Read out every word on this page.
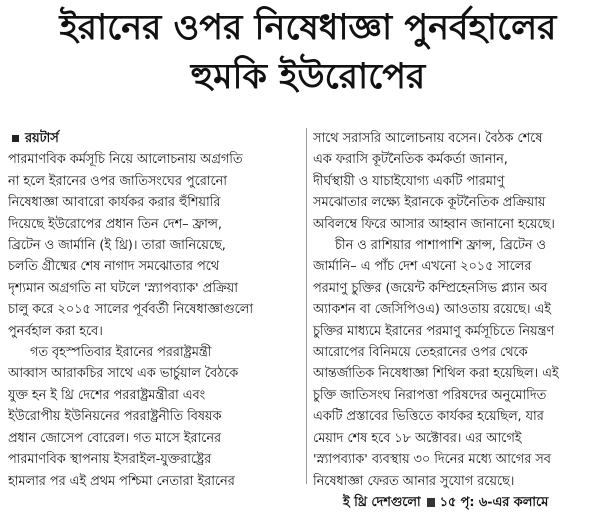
ইরানের ওপর নিষেধাজ্ঞা পুনর্বহালের
হুমকি ইউরোপের
রয়টার্স
পারমাণবিক কর্মসূচি নিয়ে আলোচনায় অগ্রগতি
না হলে ইরানের ওপর জাতিসংঘের পুরোনো
নিষেধাজ্ঞা আবারো কার্যকর করার হুঁশিয়ারি
দিয়েছে ইউরোপের প্রধান তিন দেশ– ফ্রান্স,
ব্রিটেন ও জার্মানি (ই থ্রি)। তারা জানিয়েছে,
চলতি গ্রীষ্মের শেষ নাগাদ সমঝোতার পথে
দৃশ্যমান অগ্রগতি না ঘটলে 'স্ন্যাপব্যাক' প্রক্রিয়া
চালু করে ২০১৫ সালের পূর্ববর্তী নিষেধাজ্ঞাগুলো
পুনর্বহাল করা হবে।
গত বৃহস্পতিবার ইরানের পররাষ্ট্রমন্ত্রী
আব্বাস আরাকচির সাথে এক ভার্চুয়াল বৈঠকে
যুক্ত হন ই থ্রি দেশের পররাষ্ট্রমন্ত্রীরা এবং
ইউরোপীয় ইউনিয়নের পররাষ্ট্রনীতি বিষয়ক
প্রধান জোসেপ বোরেল। গত মাসে ইরানের
পারমাণবিক স্থাপনায় ইসরাইল-যুক্তরাষ্ট্রের
হামলার পর এই প্রথম পশ্চিমা নেতারা ইরানের
সাথে সরাসরি আলোচনায় বসেন। বৈঠক শেষে
এক ফরাসি কূটনৈতিক কর্মকর্তা জানান,
দীর্ঘস্থায়ী ও যাচাইযোগ্য একটি পারমাণু
সমঝোতার লক্ষ্যে ইরানকে কূটনৈতিক প্রক্রিয়ায়
অবিলম্বে ফিরে আসার আহ্বান জানানো হয়েছে।
চীন ও রাশিয়ার পাশাপাশি ফ্রান্স, ব্রিটেন ও
জার্মানি– এ পাঁচ দেশ এখনো ২০১৫ সালের
পরমাণু চুক্তির (জয়েন্ট কম্প্রিহেনসিভ প্ল্যান অব
অ্যাকশন বা জেসিপিওএ) আওতায় রয়েছে। এই
চুক্তির মাধ্যমে ইরানের পরমাণু কর্মসূচিতে নিয়ন্ত্রণ
আরোপের বিনিময়ে তেহরানের ওপর থেকে
আন্তর্জাতিক নিষেধাজ্ঞা শিথিল করা হয়েছিল। এই
চুক্তি জাতিসংঘ নিরাপত্তা পরিষদের অনুমোদিত
একটি প্রস্তাবের ভিত্তিতে কার্যকর হয়েছিল, যার
মেয়াদ শেষ হবে ১৮ অক্টোবর। এর আগেই
'স্ন্যাপব্যাক' ব্যবস্থায় ৩০ দিনের মধ্যে আগের সব
নিষেধাজ্ঞা ফেরত আনার সুযোগ রয়েছে।
ই থ্রি দেশগুলো ১৫ পৃ: ৬-এর কলামে
